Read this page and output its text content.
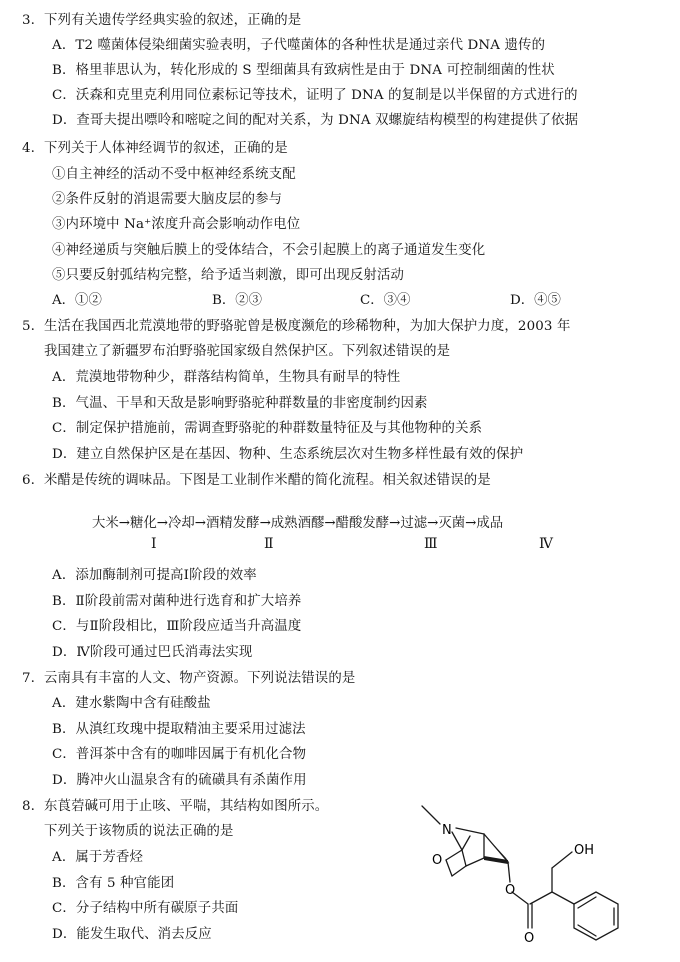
3. 下列有关遗传学经典实验的叙述，正确的是
A．T2 噬菌体侵染细菌实验表明，子代噬菌体的各种性状是通过亲代 DNA 遗传的
B．格里菲思认为，转化形成的 S 型细菌具有致病性是由于 DNA 可控制细菌的性状
C．沃森和克里克利用同位素标记等技术，证明了 DNA 的复制是以半保留的方式进行的
D．查哥夫提出嘌呤和嘧啶之间的配对关系，为 DNA 双螺旋结构模型的构建提供了依据
4. 下列关于人体神经调节的叙述，正确的是
①自主神经的活动不受中枢神经系统支配
②条件反射的消退需要大脑皮层的参与
③内环境中 Na⁺浓度升高会影响动作电位
④神经递质与突触后膜上的受体结合，不会引起膜上的离子通道发生变化
⑤只要反射弧结构完整，给予适当刺激，即可出现反射活动
A．①②	B．②③	C．③④	D．④⑤
5. 生活在我国西北荒漠地带的野骆驼曾是极度濒危的珍稀物种，为加大保护力度，2003 年
我国建立了新疆罗布泊野骆驼国家级自然保护区。下列叙述错误的是
A．荒漠地带物种少，群落结构简单，生物具有耐旱的特性
B．气温、干旱和天敌是影响野骆驼种群数量的非密度制约因素
C．制定保护措施前，需调查野骆驼的种群数量特征及与其他物种的关系
D．建立自然保护区是在基因、物种、生态系统层次对生物多样性最有效的保护
6. 米醋是传统的调味品。下图是工业制作米醋的简化流程。相关叙述错误的是
大米→糖化→冷却→酒精发酵→成熟酒醪→醋酸发酵→过滤→灭菌→成品
Ⅰ	Ⅱ	Ⅲ	Ⅳ
A．添加酶制剂可提高Ⅰ阶段的效率
B．Ⅱ阶段前需对菌种进行选育和扩大培养
C．与Ⅱ阶段相比，Ⅲ阶段应适当升高温度
D．Ⅳ阶段可通过巴氏消毒法实现
7. 云南具有丰富的人文、物产资源。下列说法错误的是
A．建水紫陶中含有硅酸盐
B．从滇红玫瑰中提取精油主要采用过滤法
C．普洱茶中含有的咖啡因属于有机化合物
D．腾冲火山温泉含有的硫磺具有杀菌作用
8. 东莨菪碱可用于止咳、平喘，其结构如图所示。
下列关于该物质的说法正确的是
A．属于芳香烃
B．含有 5 种官能团
C．分子结构中所有碳原子共面
D．能发生取代、消去反应
N
O
O
O
OH
